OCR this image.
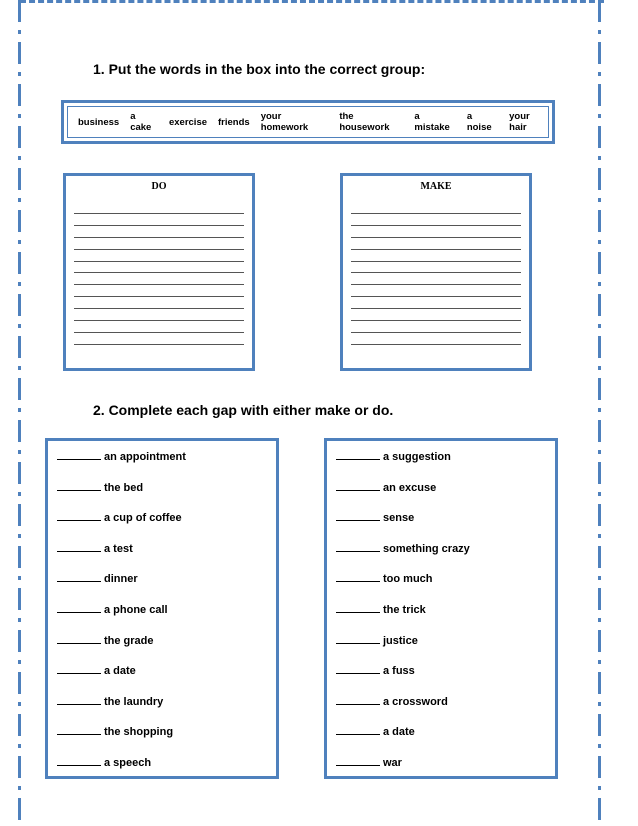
1. Put the words in the box into the correct group:
business a cake	exercise friends your homework
the housework
a mistake
a noise
your hair
DO	MAKE
2. Complete each gap with either make or do.
an appointment
the bed
a cup of coffee
a test
dinner
a phone call
the grade
a date
the laundry
the shopping
a speech
a suggestion
an excuse
sense
something crazy
too much
the trick
justice
a fuss
a crossword
a date
war
